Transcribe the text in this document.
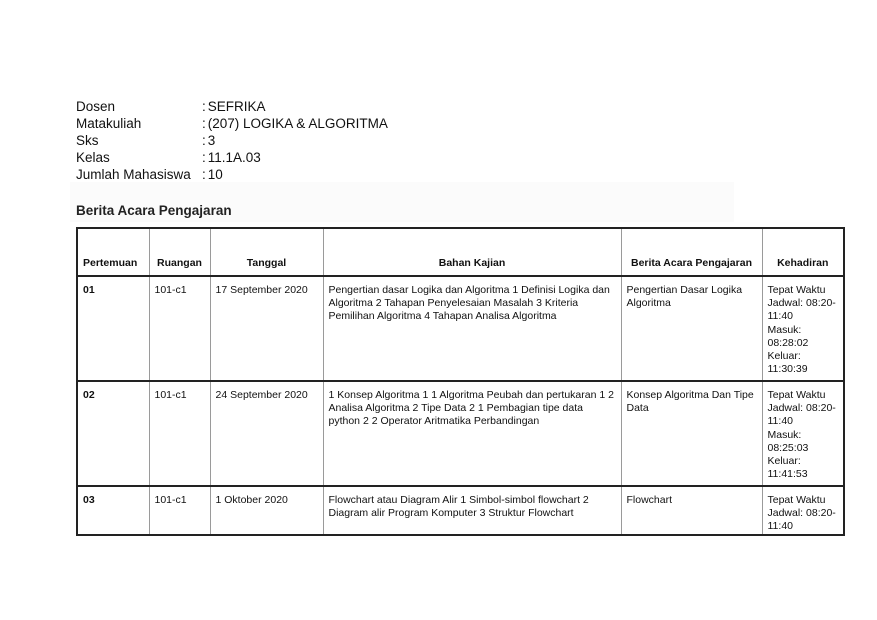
Dosen	: SEFRIKA
Matakuliah	: (207) LOGIKA & ALGORITMA
Sks	: 3
Kelas	: 11.1A.03
Jumlah Mahasiswa : 10
Berita Acara Pengajaran
Pertemuan	Ruangan	Tanggal	Bahan Kajian	Berita Acara Pengajaran	Kehadiran
01	101-c1	17 September 2020	Pengertian dasar Logika dan Algoritma 1 Definisi Logika dan Algoritma 2 Tahapan Penyelesaian Masalah 3 Kriteria Pemilihan Algoritma 4 Tahapan Analisa Algoritma	Pengertian Dasar Logika Algoritma	Tepat Waktu
Jadwal: 08:20-11:40
Masuk: 08:28:02
Keluar: 11:30:39

02	101-c1	24 September 2020	1 Konsep Algoritma 1 1 Algoritma Peubah dan pertukaran 1 2 Analisa Algoritma 2 Tipe Data 2 1 Pembagian tipe data python 2 2 Operator Aritmatika Perbandingan	Konsep Algoritma Dan Tipe Data	Tepat Waktu
Jadwal: 08:20-11:40
Masuk: 08:25:03
Keluar: 11:41:53

03	101-c1	1 Oktober 2020	Flowchart atau Diagram Alir 1 Simbol-simbol flowchart 2 Diagram alir Program Komputer 3 Struktur Flowchart	Flowchart	Tepat Waktu
Jadwal: 08:20-11:40
